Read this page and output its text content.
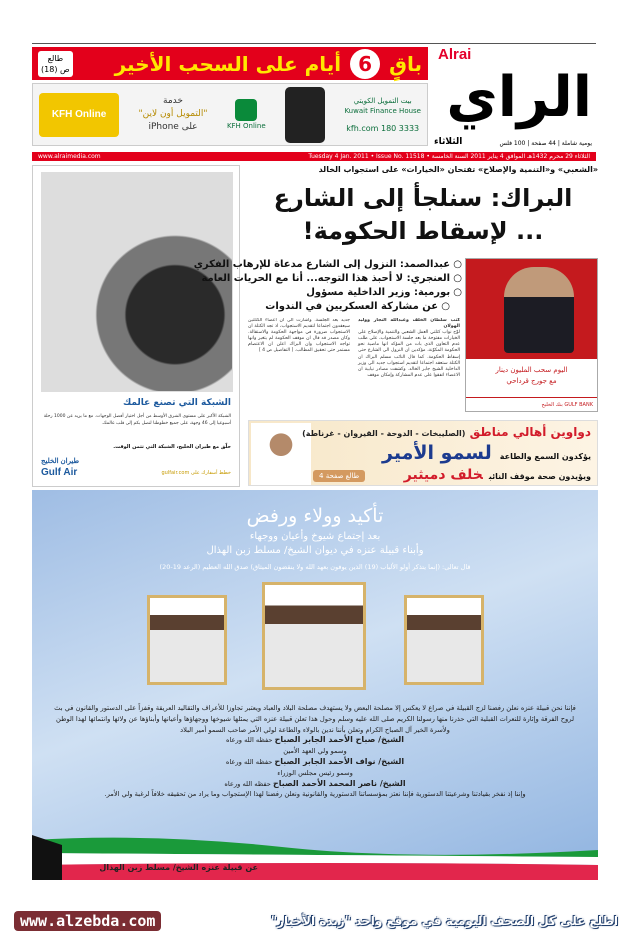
Alrai
الراي
يومية شاملة | 44 صفحة | 100 فلس
الثلاثاء
باقٍ 6 أيام على السحب الأخير
طالع
ص (18)
بيت التمويل الكويتي
Kuwait Finance House
kfh.com 180 3333
KFH Online
خدمة
"التمويل أون لاين"
على iPhone
KFH Online
www.alraimedia.com	Tuesday 4 Jan. 2011 • Issue No. 11518 • الثلاثاء 29 محرم 1432هـ الموافق 4 يناير 2011 السنة الخامسة
الشبكة التي تصنع عالمك
الشبكة الأكبر على مستوى الشرق الأوسط من أجل اختيار أفضل الوجهات. مع ما يزيد عن 1000 رحلة أسبوعيا إلى 46 وجهة، على جميع خطوطنا لنصل بكم إلى قلب عالمك.
حلّق مع طيران الخليج، الشبكة التي تثمن الوقت.
طيران الخليج
Gulf Air	خطط أسفارك على gulfair.com
«الشعبي» و«التنمية والإصلاح» تفتحان «الخيارات» على استجواب الخالد
البراك: سنلجأ إلى الشارع
... لإسقاط الحكومة!
○ عبدالصمد: النزول إلى الشارع مدعاة للإرهاب الفكري
○ العنجري: لا أحبذ هذا التوجه... أنا مع الحريات العامة
○ بورمية: وزير الداخلية مسؤول
○ عن مشاركة العسكريين في الندوات
كتب سلطان الخلف وعبدالله النجار ووليد الهولان
لوّح نواب كتلتي العمل الشعبي والتنمية والإصلاح على الخيارات مفتوحة ما بعد جلسة الاستجواب، على طلب عدم التعاون الذي بات من المؤكد انها ماضية نحو الحكومة المكوّنة، مؤكدين ان النزول الى الشارع حتى إسقاط الحكومة. كما قال النائب مسلم البراك ان الكتلة ستعقد اجتماعا لتقديم استجواب جديد الى وزير الداخلية الشيخ جابر الخالد. وكشفت مصادر نيابية ان الاعضاء اتفقوا على عدم المشاركة وإمكان موقف
جديد بعد الجلسة. وأشارت الى ان اعضاء الكتلتين سيعقدون اجتماعا لتقديم الاستجواب، اذ تجد الكتلة ان الاستجواب ضرورة في مواجهة الحكومة والاستقالة. وكان مصدر قد قال ان موقف الحكومة لم يتغير وانها تواجه الاستجواب وان البراك اعلن ان الاعتصام مستمر حتى تحقيق المطالب. [ التفاصيل ص 4 ]
اليوم سحب المليون دينار
مع جورج قرداحي
بنك الخليج GULF BANK
دواوين أهالي مناطق (الصليبخات - الدوحة - القيروان - غرناطة)
يؤكدون السمع والطاعةلسمو الأمير
ويؤيدون صحة موقف النائبخلف دميثير
طالع صفحة 4
تأكيد وولاء ورفض
بعد إجتماع شيوخ وأعيان ووجهاء
وأبناء قبيلة عنزه في ديوان الشيخ/ مسلط زبن الهذال
قال تعالى: (إنما يتذكر أولو الألباب (19) الذين يوفون بعهد الله ولا ينقضون الميثاق) صدق الله العظيم (الرعد 19-20)
فإننا نحن قبيلة عنزه نعلن رفضنا لزج القبيلة في صراع لا يعكس إلا مصلحة البعض ولا يستهدف مصلحة البلاد والعباد ويعتبر تجاوزا للأعراف والتقاليد العريقة وقفزاً على الدستور والقانون في بث لروح الفرقة وإثارة للنعرات القبلية التي حذرنا منها رسولنا الكريم صلى الله عليه وسلم وحول هذا تعلن قبيلة عنزه التي يمثلها شيوخها ووجهاؤها وأعيانها وأبناؤها عن ولائها وانتمائها لهذا الوطن ولأسرة الخير آل الصباح الكرام وتعلن بأننا ندين بالولاء والطاعة لولي الأمر صاحب السمو أمير البلاد
الشيخ/ صباح الأحمد الجابر الصباح حفظه الله ورعاه
وسمو ولي العهد الأمين
الشيخ/ نواف الأحمد الجابر الصباح حفظه الله ورعاه
وسمو رئيس مجلس الوزراء
الشيخ/ ناصر المحمد الأحمد الصباح حفظه الله ورعاه
وإننا إذ نفخر بقيادتنا وشرعيتنا الدستورية فإننا نعتز بمؤسساتنا الدستورية والقانونية ونعلن رفضنا لهذا الإستجواب وما يراد من تحقيقه خلافاً لرغبة ولي الأمر.
عن قبيلة عنزه الشيخ/ مسلط زبن الهذال
www.alzebda.com	اطلع على كل الصحف اليومية في موقع واحد "زبدة الأخبار"
